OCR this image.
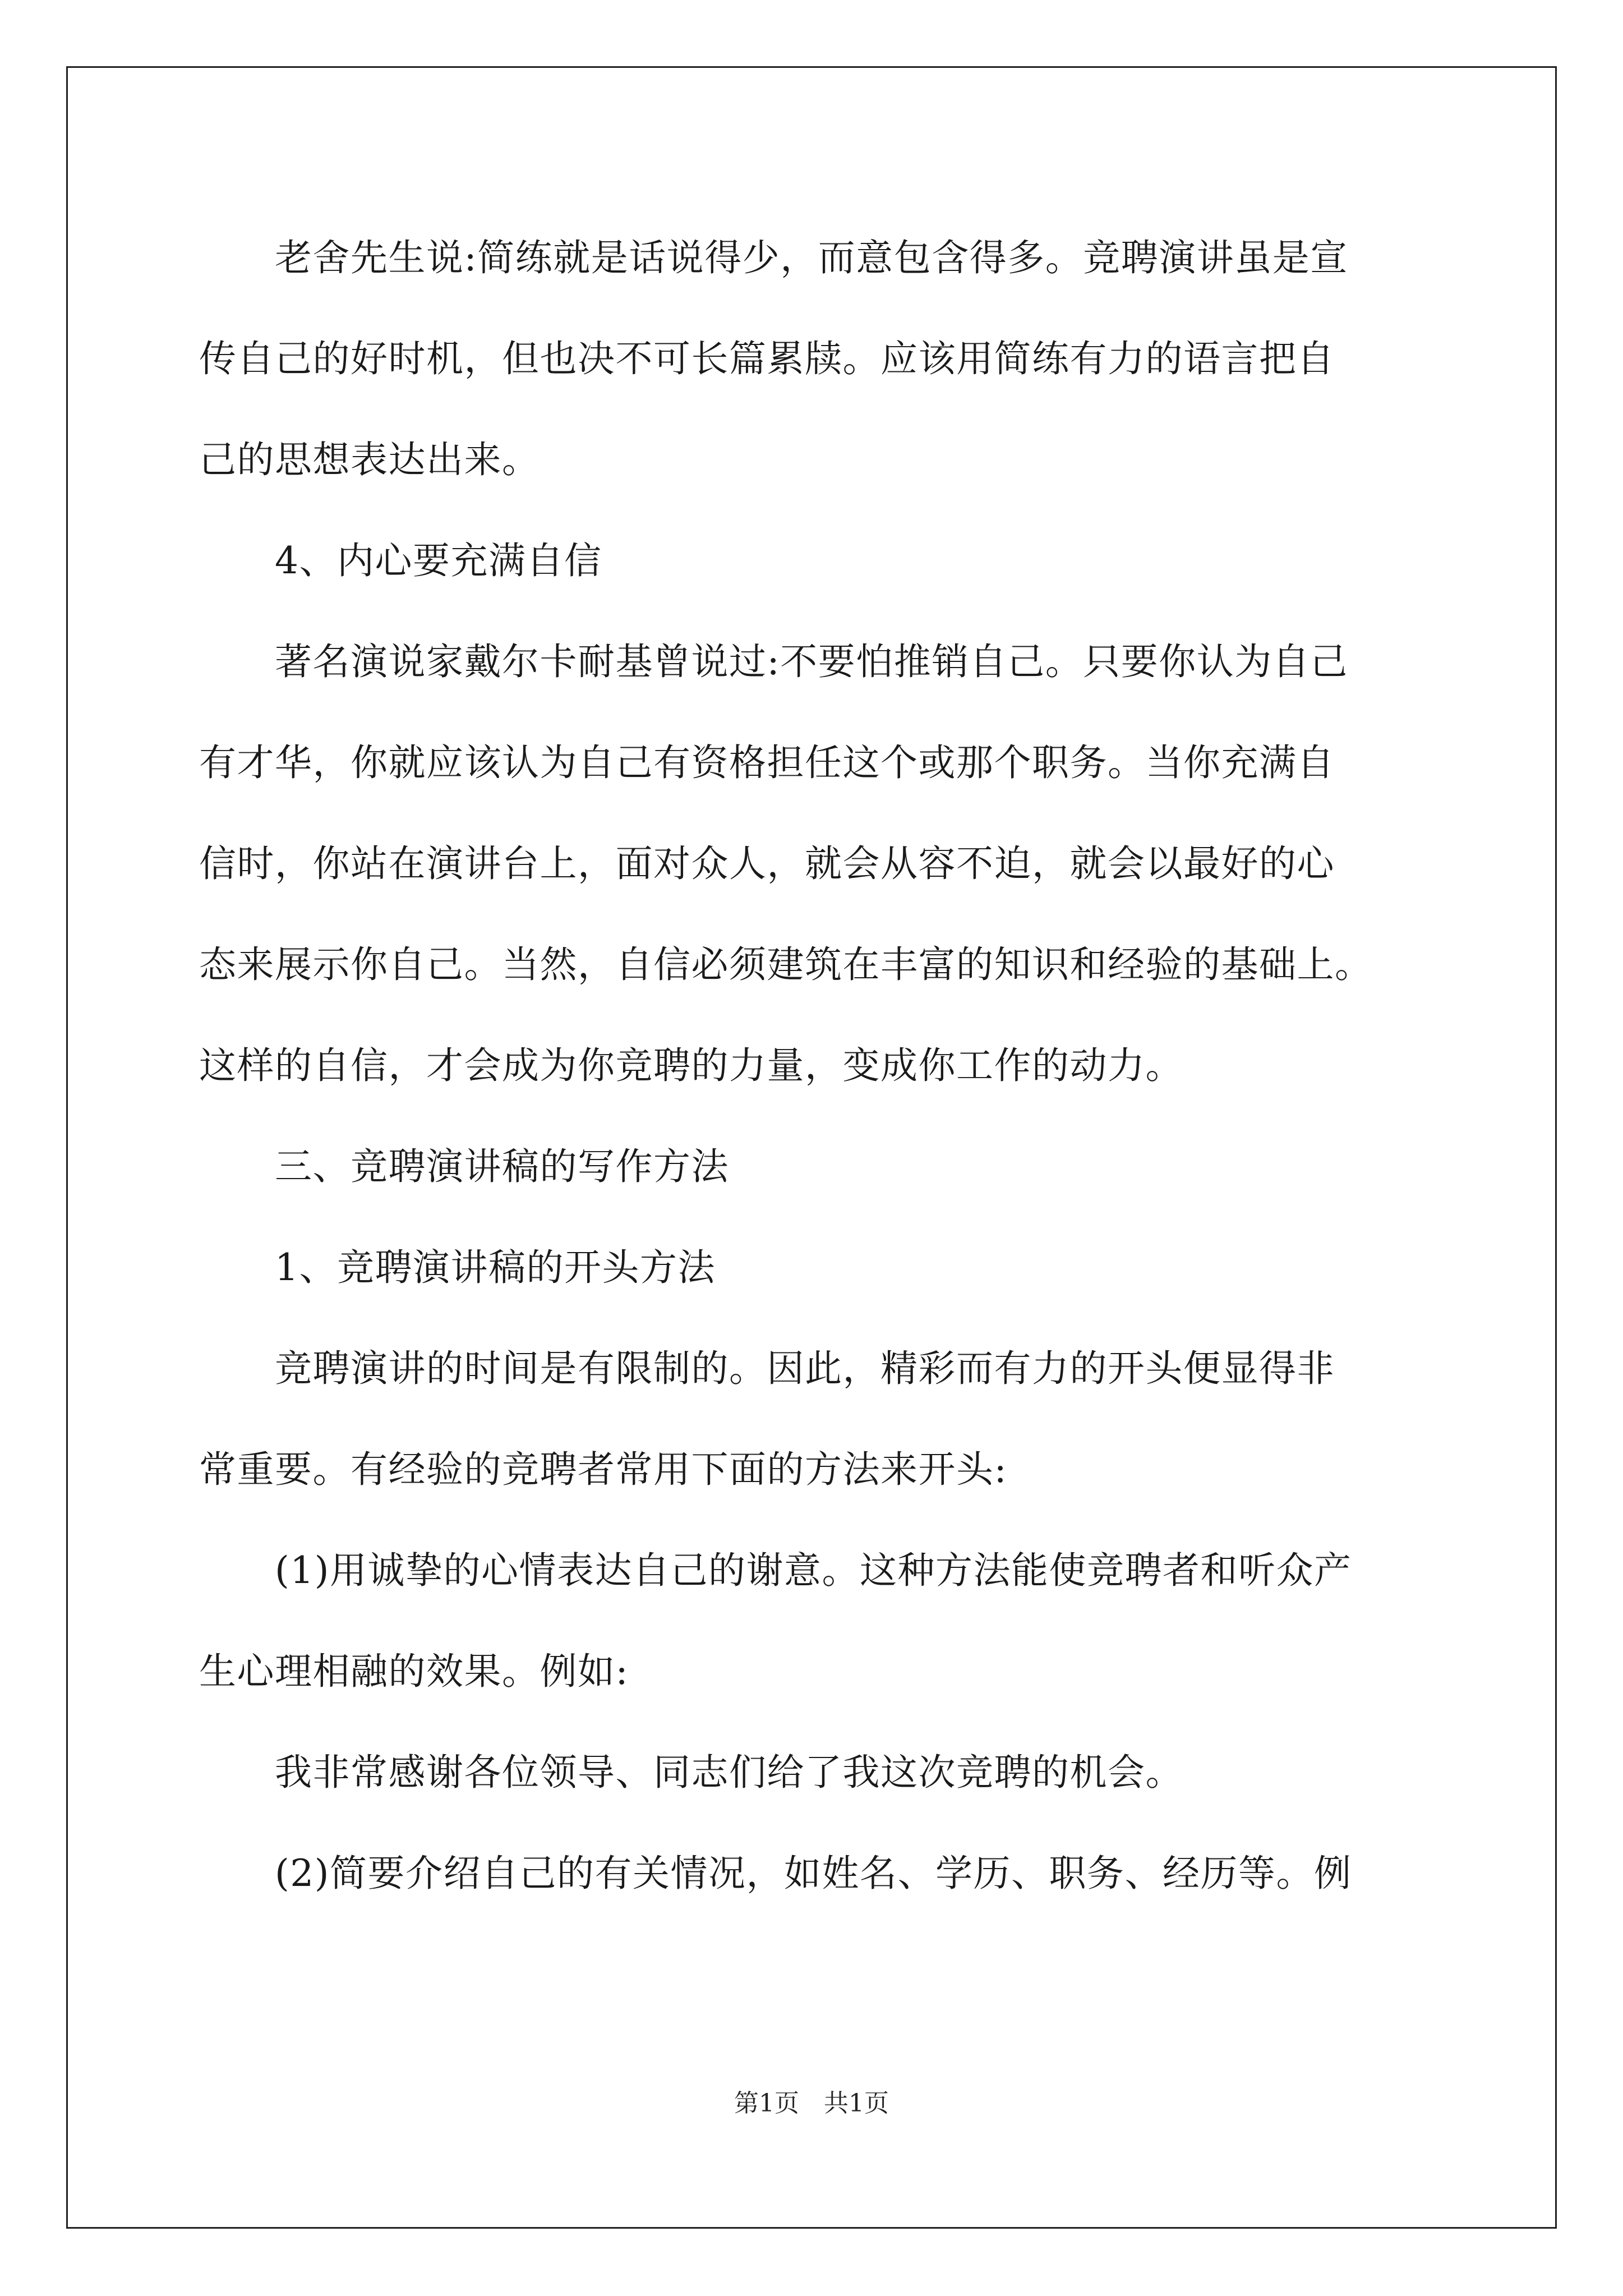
　　老舍先生说:简练就是话说得少，而意包含得多。竞聘演讲虽是宣

传自己的好时机，但也决不可长篇累牍。应该用简练有力的语言把自

己的思想表达出来。

　　4、内心要充满自信

　　著名演说家戴尔卡耐基曾说过:不要怕推销自己。只要你认为自己

有才华，你就应该认为自己有资格担任这个或那个职务。当你充满自

信时，你站在演讲台上，面对众人，就会从容不迫，就会以最好的心

态来展示你自己。当然，自信必须建筑在丰富的知识和经验的基础上。

这样的自信，才会成为你竞聘的力量，变成你工作的动力。

　　三、竞聘演讲稿的写作方法

　　1、竞聘演讲稿的开头方法

　　竞聘演讲的时间是有限制的。因此，精彩而有力的开头便显得非

常重要。有经验的竞聘者常用下面的方法来开头:

　　(1)用诚挚的心情表达自己的谢意。这种方法能使竞聘者和听众产

生心理相融的效果。例如:

　　我非常感谢各位领导、同志们给了我这次竞聘的机会。

　　(2)简要介绍自己的有关情况，如姓名、学历、职务、经历等。例

第1页　共1页
